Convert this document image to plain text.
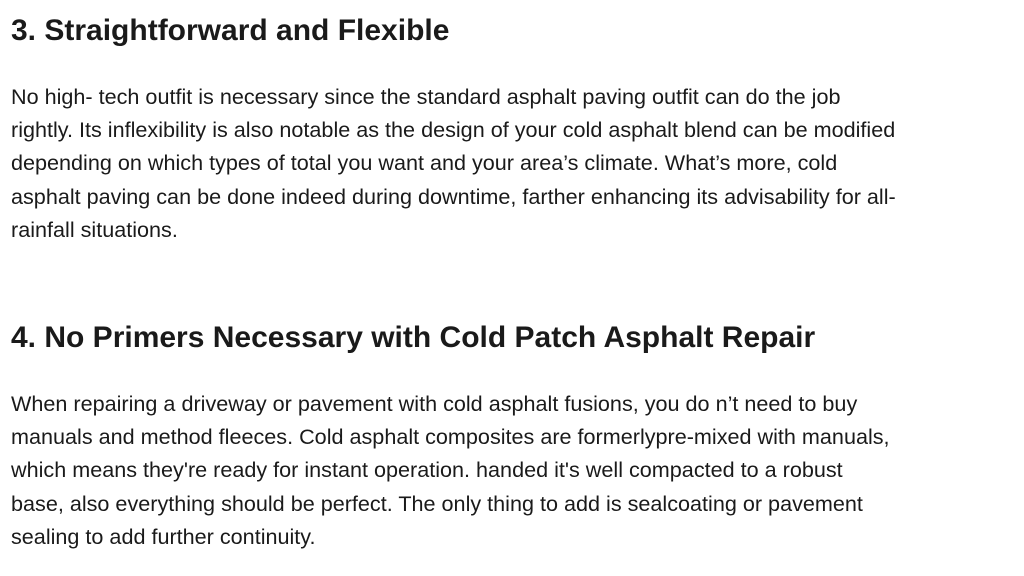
3. Straightforward and Flexible

No high- tech outfit is necessary since the standard asphalt paving outfit can do the job
rightly. Its inflexibility is also notable as the design of your cold asphalt blend can be modified
depending on which types of total you want and your area’s climate. What’s more, cold
asphalt paving can be done indeed during downtime, farther enhancing its advisability for all-
rainfall situations.

4. No Primers Necessary with Cold Patch Asphalt Repair

When repairing a driveway or pavement with cold asphalt fusions, you do n’t need to buy
manuals and method fleeces. Cold asphalt composites are formerlypre-mixed with manuals,
which means they're ready for instant operation. handed it's well compacted to a robust
base, also everything should be perfect. The only thing to add is sealcoating or pavement
sealing to add further continuity.
